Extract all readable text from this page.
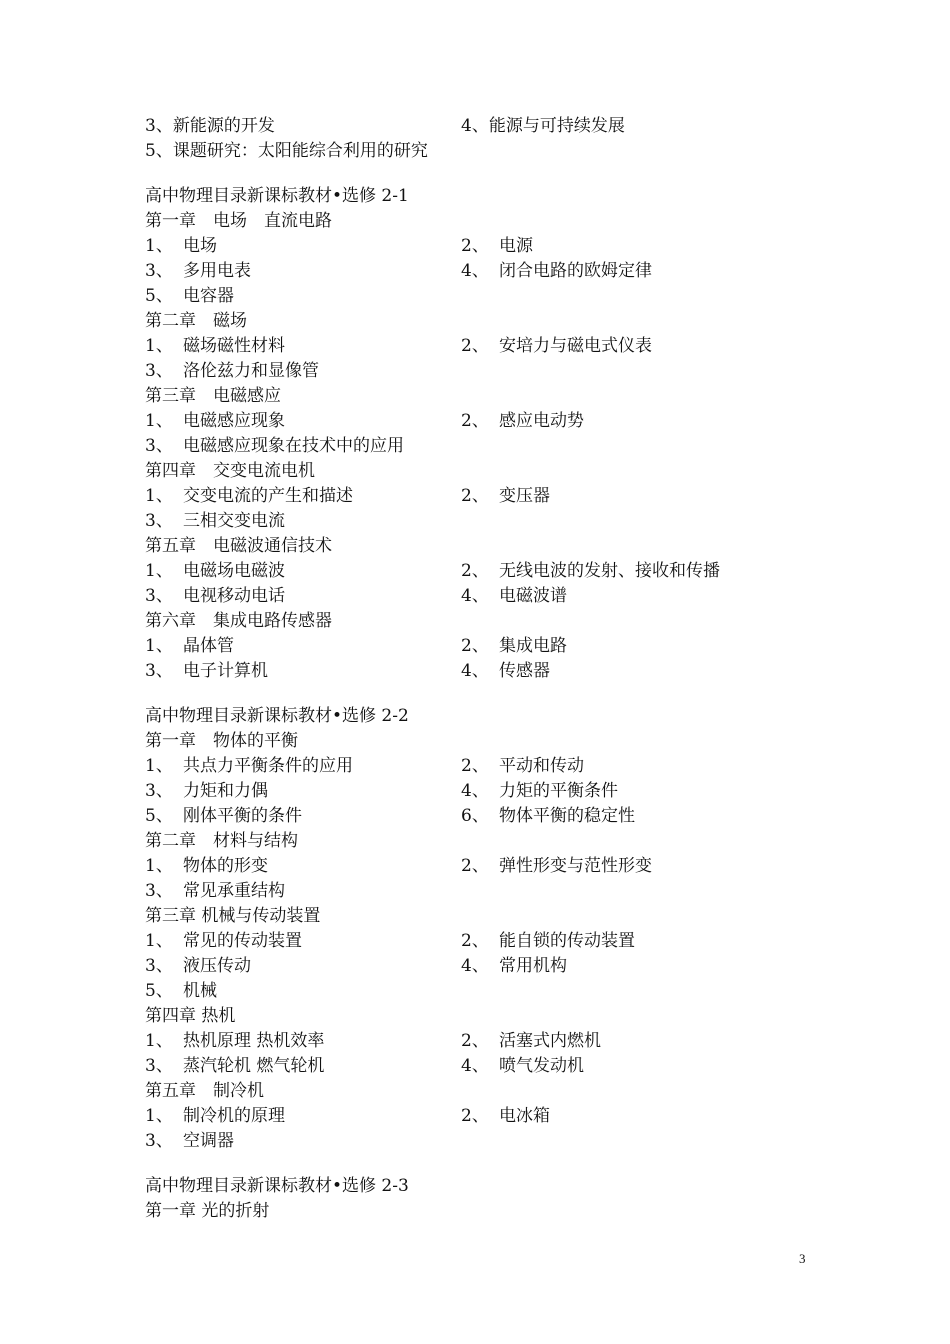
3、新能源的开发	4、能源与可持续发展
5、课题研究：太阳能综合利用的研究
高中物理目录新课标教材•选修 2-1
第一章　电场　直流电路
1、 电场	2、 电源
3、 多用电表	4、 闭合电路的欧姆定律
5、 电容器
第二章　磁场
1、 磁场磁性材料	2、 安培力与磁电式仪表
3、 洛伦兹力和显像管
第三章　电磁感应
1、 电磁感应现象	2、 感应电动势
3、 电磁感应现象在技术中的应用
第四章　交变电流电机
1、 交变电流的产生和描述	2、 变压器
3、 三相交变电流
第五章　电磁波通信技术
1、 电磁场电磁波	2、 无线电波的发射、接收和传播
3、 电视移动电话	4、 电磁波谱
第六章　集成电路传感器
1、 晶体管	2、 集成电路
3、 电子计算机	4、 传感器
高中物理目录新课标教材•选修 2-2
第一章　物体的平衡
1、 共点力平衡条件的应用	2、 平动和传动
3、 力矩和力偶	4、 力矩的平衡条件
5、 刚体平衡的条件	6、 物体平衡的稳定性
第二章　材料与结构
1、 物体的形变	2、 弹性形变与范性形变
3、 常见承重结构
第三章 机械与传动装置
1、 常见的传动装置	2、 能自锁的传动装置
3、 液压传动	4、 常用机构
5、 机械
第四章 热机
1、 热机原理 热机效率	2、 活塞式内燃机
3、 蒸汽轮机 燃气轮机	4、 喷气发动机
第五章　制冷机
1、 制冷机的原理	2、 电冰箱
3、 空调器
高中物理目录新课标教材•选修 2-3
第一章 光的折射
3
